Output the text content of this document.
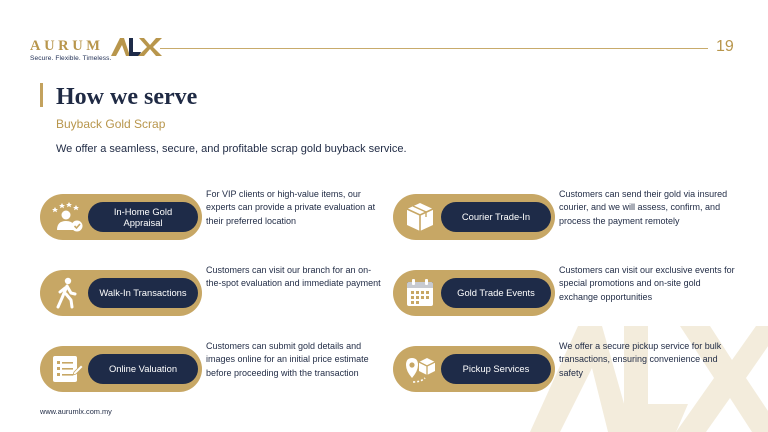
AURUM
Secure. Flexible. Timeless.
19
How we serve
Buyback Gold Scrap

We offer a seamless, secure, and profitable scrap gold buyback service.

In-Home Gold Appraisal

For VIP clients or high-value items, our experts can provide a private evaluation at their preferred location	Courier Trade-In

Customers can send their gold via insured courier, and we will assess, confirm, and process the payment remotely

Walk-In Transactions

Customers can visit our branch for an on-the-spot evaluation and immediate payment

Gold Trade Events

Customers can visit our exclusive events for special promotions and on-site gold exchange opportunities

Online Valuation

Customers can submit gold details and images online for an initial price estimate before proceeding with the transaction	Pickup Services

We offer a secure pickup service for bulk transactions, ensuring convenience and safety

www.aurumlx.com.my
